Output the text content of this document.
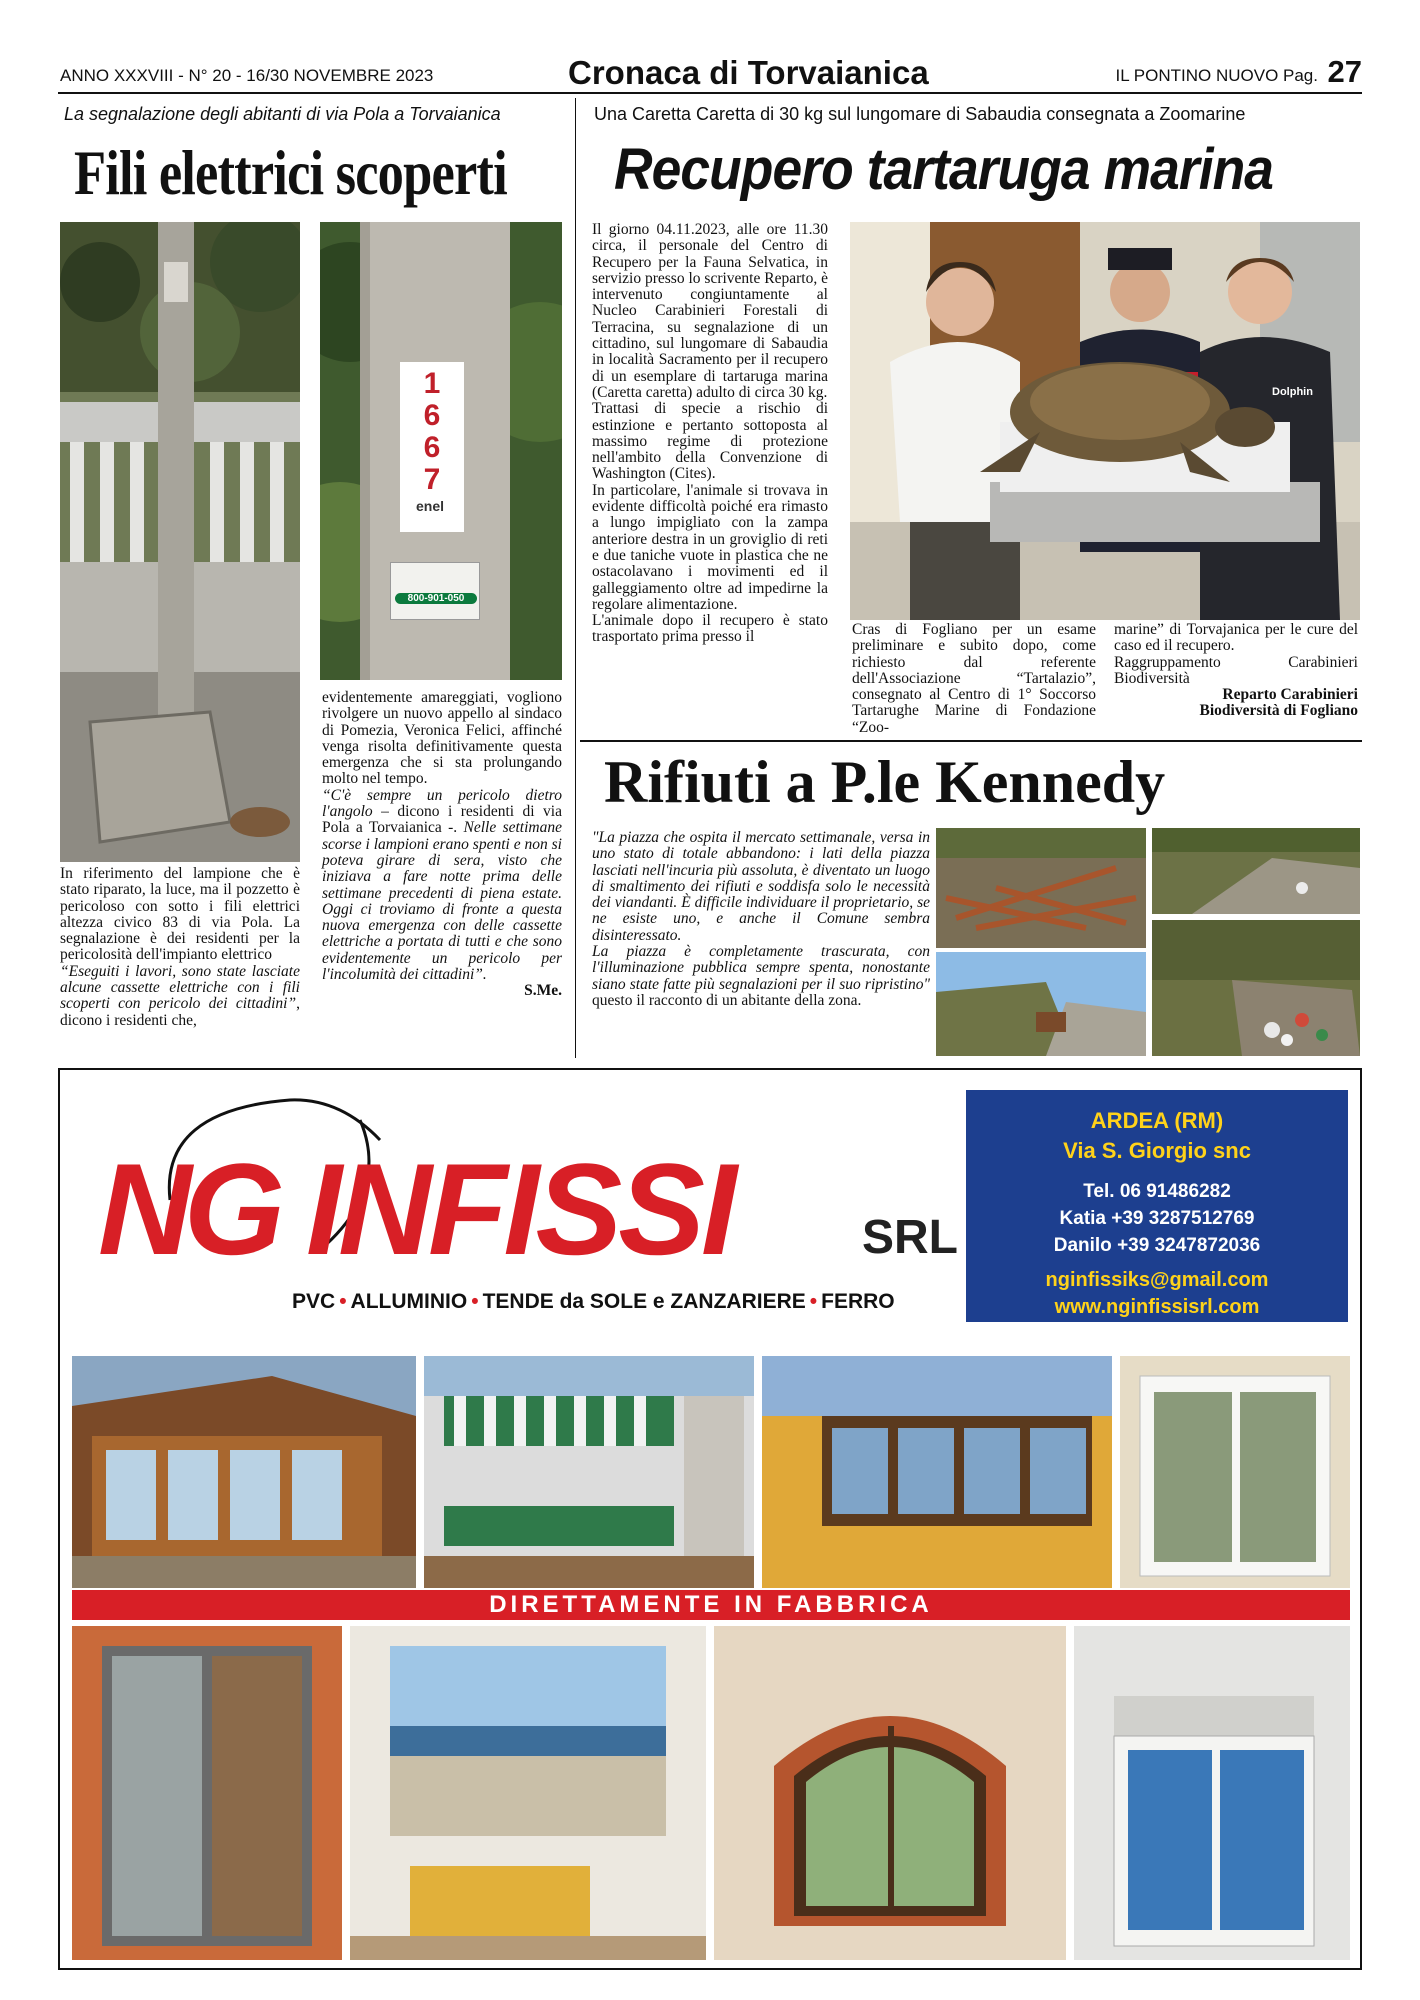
ANNO XXXVIII - N° 20 - 16/30 NOVEMBRE 2023	Cronaca di Torvaianica	IL PONTINO NUOVO Pag. 27
La segnalazione degli abitanti di via Pola a Torvaianica
Fili elettrici scoperti
1
6
6
7
enel
800-901-050

In riferimento del lampione che è stato riparato, la luce, ma il pozzetto è pericoloso con sotto i fili elettrici altezza civico 83 di via Pola. La segnalazione è dei residenti per la pericolosità dell'impianto elettrico

“Eseguiti i lavori, sono state lasciate alcune cassette elettriche con i fili scoperti con pericolo dei cittadini”, dicono i residenti che,

evidentemente amareggiati, vogliono rivolgere un nuovo appello al sindaco di Pomezia, Veronica Felici, affinché venga risolta definitivamente questa emergenza che si sta prolungando molto nel tempo.

“C'è sempre un pericolo dietro l'angolo – dicono i residenti di via Pola a Torvaianica -. Nelle settimane scorse i lampioni erano spenti e non si poteva girare di sera, visto che iniziava a fare notte prima delle settimane precedenti di piena estate. Oggi ci troviamo di fronte a questa nuova emergenza con delle cassette elettriche a portata di tutti e che sono evidentemente un pericolo per l'incolumità dei cittadini”.

S.Me.

Una Caretta Caretta di 30 kg sul lungomare di Sabaudia consegnata a Zoomarine
Recupero tartaruga marina

Il giorno 04.11.2023, alle ore 11.30 circa, il personale del Centro di Recupero per la Fauna Selvatica, in servizio presso lo scrivente Reparto, è intervenuto congiuntamente al Nucleo Carabinieri Forestali di Terracina, su segnalazione di un cittadino, sul lungomare di Sabaudia in località Sacramento per il recupero di un esemplare di tartaruga marina (Caretta caretta) adulto di circa 30 kg.

Trattasi di specie a rischio di estinzione e pertanto sottoposta al massimo regime di protezione nell'ambito della Convenzione di Washington (Cites).

In particolare, l'animale si trovava in evidente difficoltà poiché era rimasto a lungo impigliato con la zampa anteriore destra in un groviglio di reti e due taniche vuote in plastica che ne ostacolavano i movimenti ed il galleggiamento oltre ad impedirne la regolare alimentazione.

L'animale dopo il recupero è stato trasportato prima presso il

Dolphin

Cras di Fogliano per un esame preliminare e subito dopo, come richiesto dal referente dell'Associazione “Tartalazio”, consegnato al Centro di 1° Soccorso Tartarughe Marine di Fondazione “Zoo-

marine” di Torvajanica per le cure del caso ed il recupero.

Raggruppamento Carabinieri Biodiversità

Reparto Carabinieri

Biodiversità di Fogliano

Rifiuti a P.le Kennedy

"La piazza che ospita il mercato settimanale, versa in uno stato di totale abbandono: i lati della piazza lasciati nell'incuria più assoluta, è diventato un luogo di smaltimento dei rifiuti e soddisfa solo le necessità dei viandanti. È difficile individuare il proprietario, se ne esiste uno, e anche il Comune sembra disinteressato.

La piazza è completamente trascurata, con l'illuminazione pubblica sempre spenta, nonostante siano state fatte più segnalazioni per il suo ripristino" questo il racconto di un abitante della zona.

NG INFISSI	SRL
PVC • ALLUMINIO • TENDE da SOLE e ZANZARIERE • FERRO
ARDEA (RM)
Via S. Giorgio snc
Tel. 06 91486282
Katia +39 3287512769
Danilo +39 3247872036
nginfissiks@gmail.com
www.nginfissisrl.com
DIRETTAMENTE IN FABBRICA
